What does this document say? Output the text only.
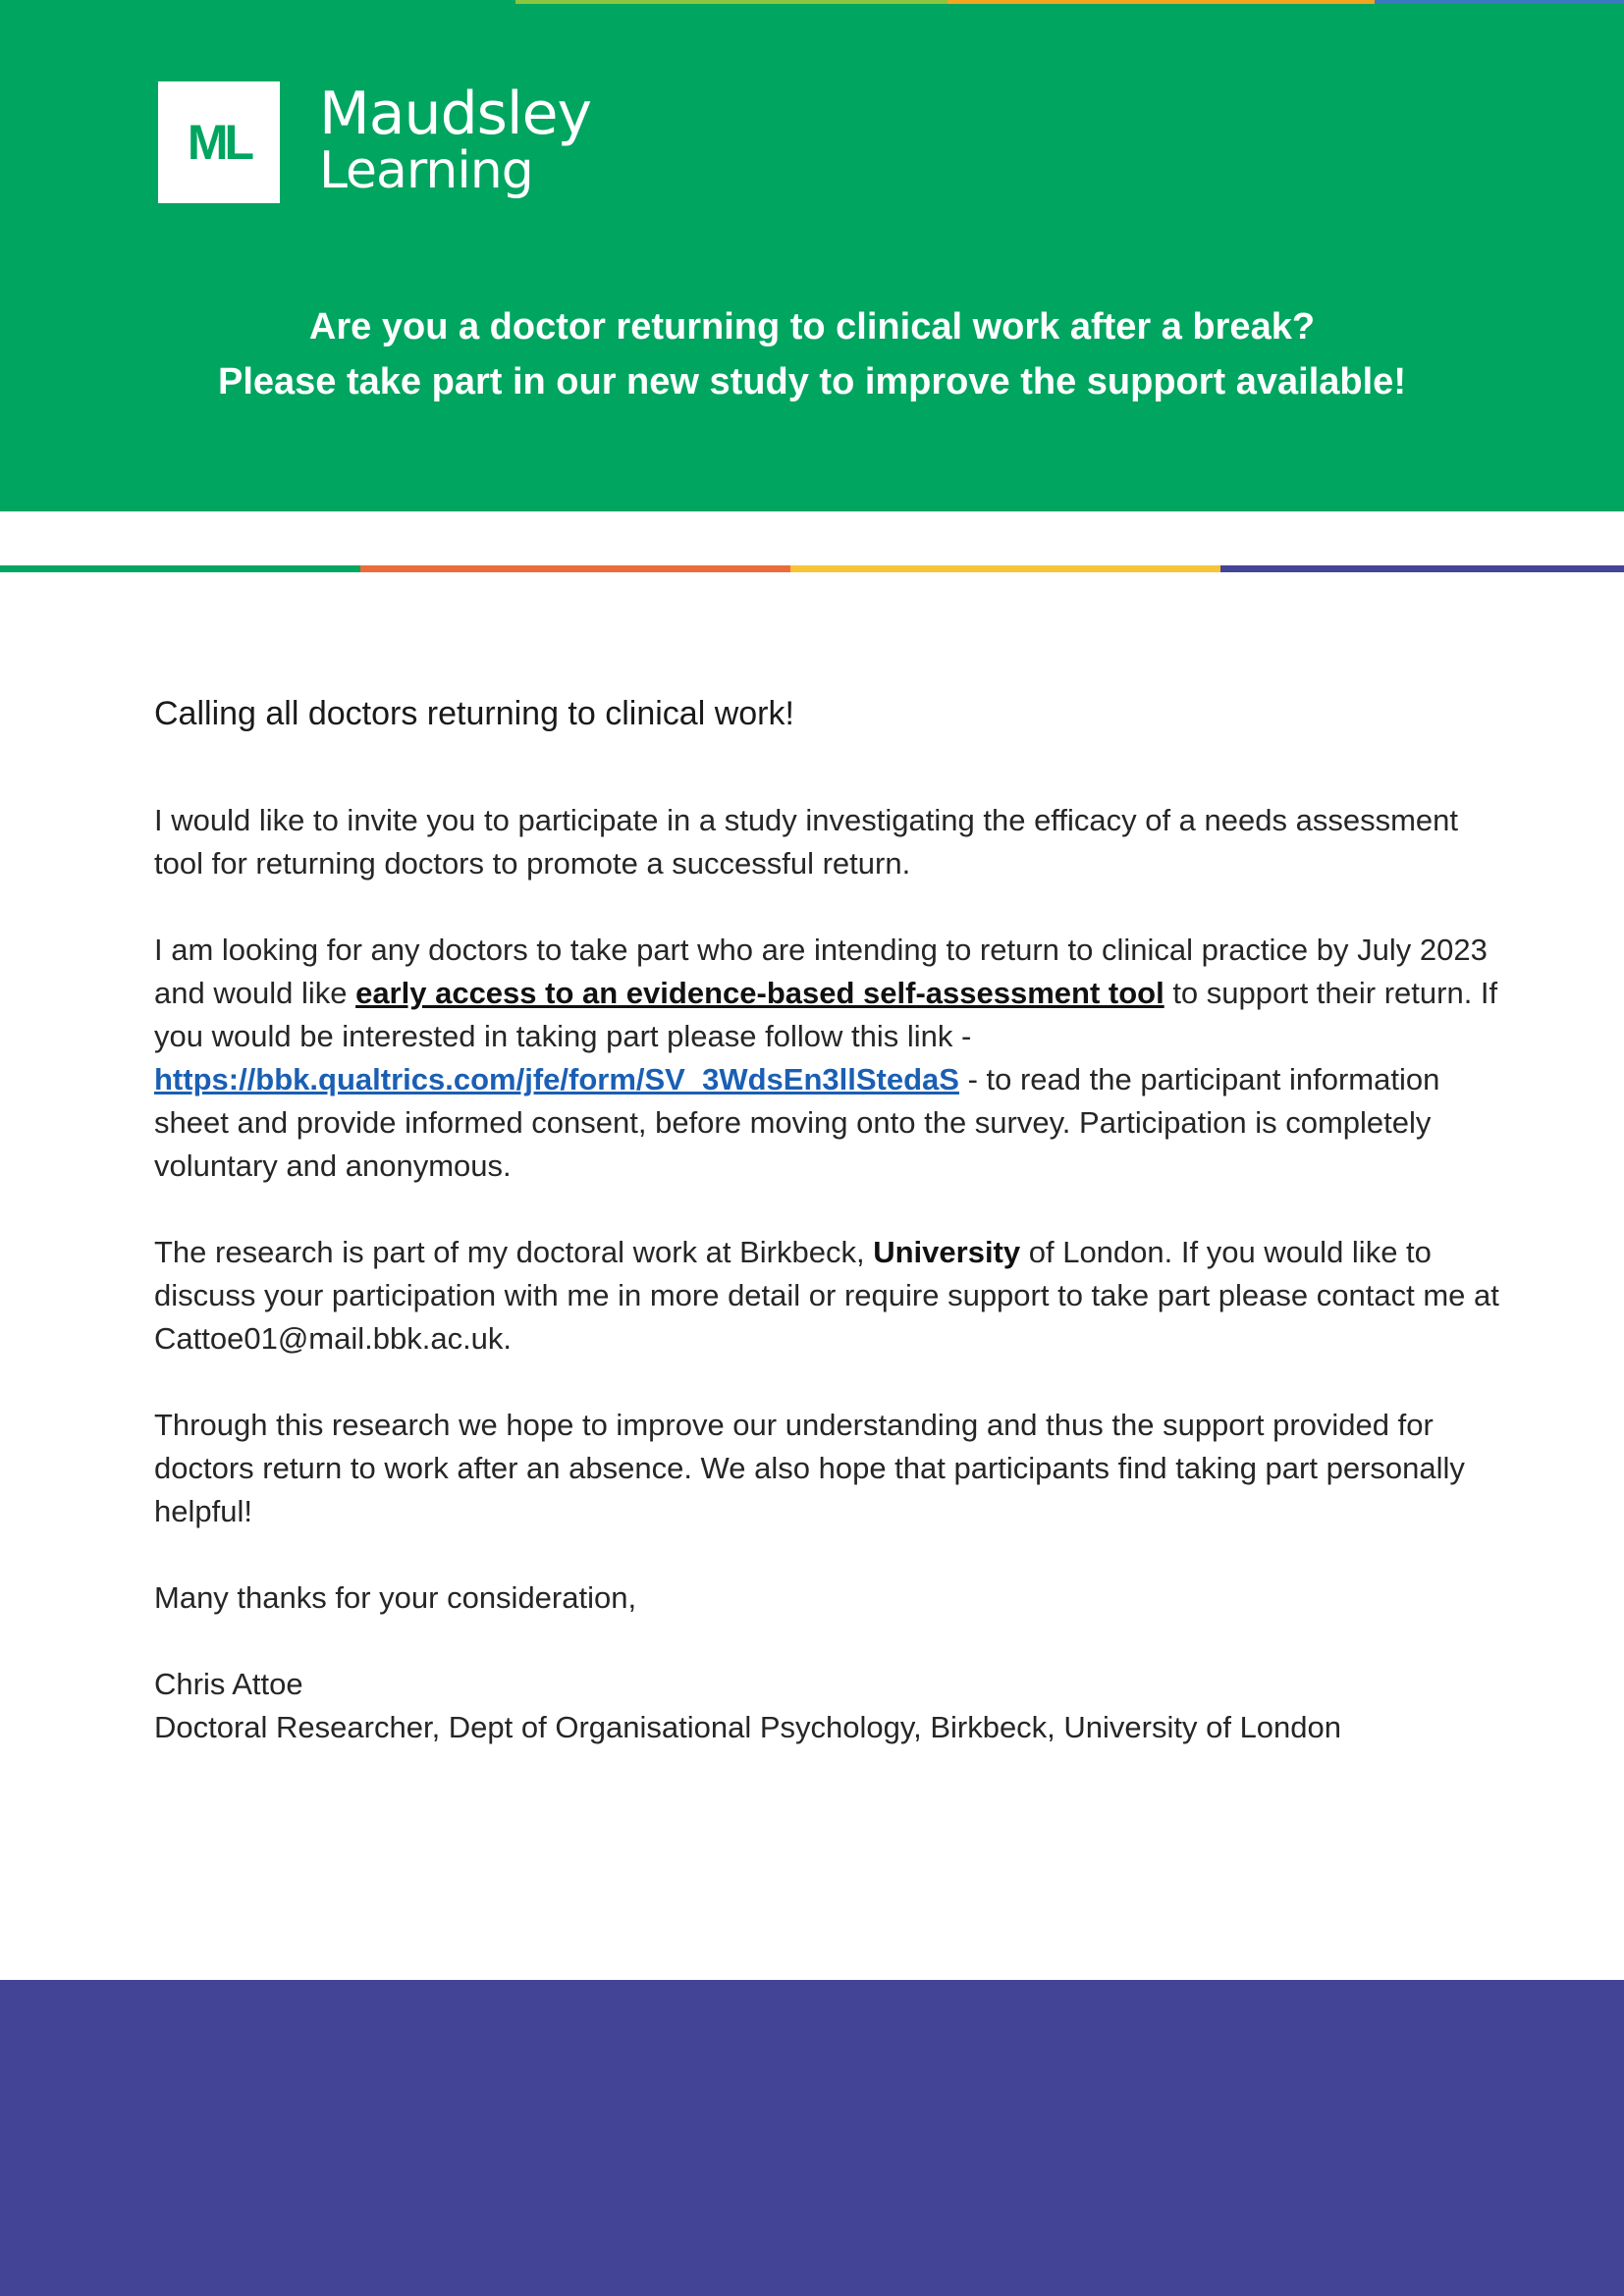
ML Maudsley
Learning
Are you a doctor returning to clinical work after a break?
Please take part in our new study to improve the support available!

Calling all doctors returning to clinical work!

I would like to invite you to participate in a study investigating the efficacy of a needs assessment tool for returning doctors to promote a successful return.

I am looking for any doctors to take part who are intending to return to clinical practice by July 2023 and would like early access to an evidence-based self-assessment tool to support their return. If you would be interested in taking part please follow this link - https://bbk.qualtrics.com/jfe/form/SV_3WdsEn3llStedaS - to read the participant information sheet and provide informed consent, before moving onto the survey. Participation is completely voluntary and anonymous.

The research is part of my doctoral work at Birkbeck, University of London. If you would like to discuss your participation with me in more detail or require support to take part please contact me at Cattoe01@mail.bbk.ac.uk.

Through this research we hope to improve our understanding and thus the support provided for doctors return to work after an absence. We also hope that participants find taking part personally helpful!

Many thanks for your consideration,

Chris Attoe

Doctoral Researcher, Dept of Organisational Psychology, Birkbeck, University of London
